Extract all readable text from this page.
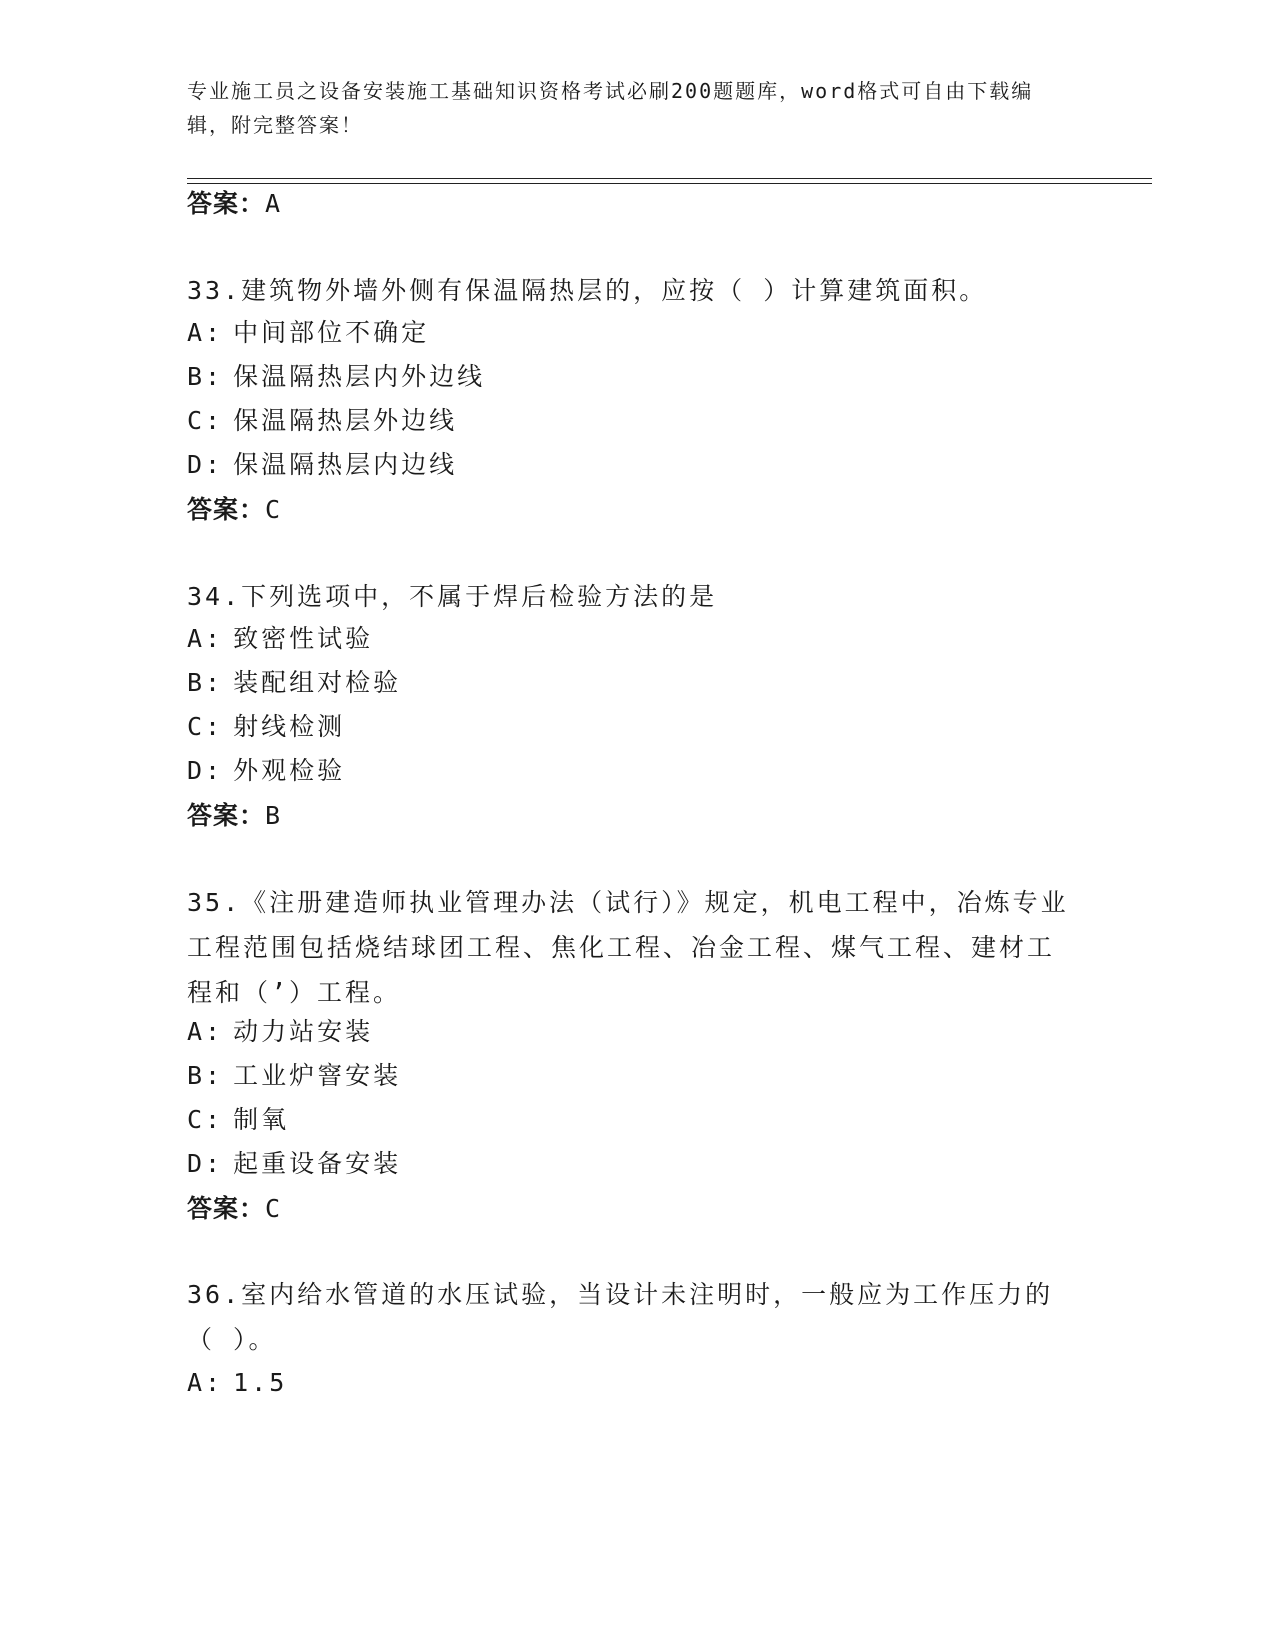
专业施工员之设备安装施工基础知识资格考试必刷200题题库，word格式可自由下载编辑，附完整答案！
答案：A
33.建筑物外墙外侧有保温隔热层的，应按（ ）计算建筑面积。
A: 中间部位不确定
B: 保温隔热层内外边线
C: 保温隔热层外边线
D: 保温隔热层内边线
答案：C
34.下列选项中，不属于焊后检验方法的是
A: 致密性试验
B: 装配组对检验
C: 射线检测
D: 外观检验
答案：B
35.《注册建造师执业管理办法（试行）》规定，机电工程中，冶炼专业工程范围包括烧结球团工程、焦化工程、冶金工程、煤气工程、建材工程和（’）工程。
A: 动力站安装
B: 工业炉窨安装
C: 制氧
D: 起重设备安装
答案：C
36.室内给水管道的水压试验，当设计未注明时，一般应为工作压力的（ ）。
A: 1.5
